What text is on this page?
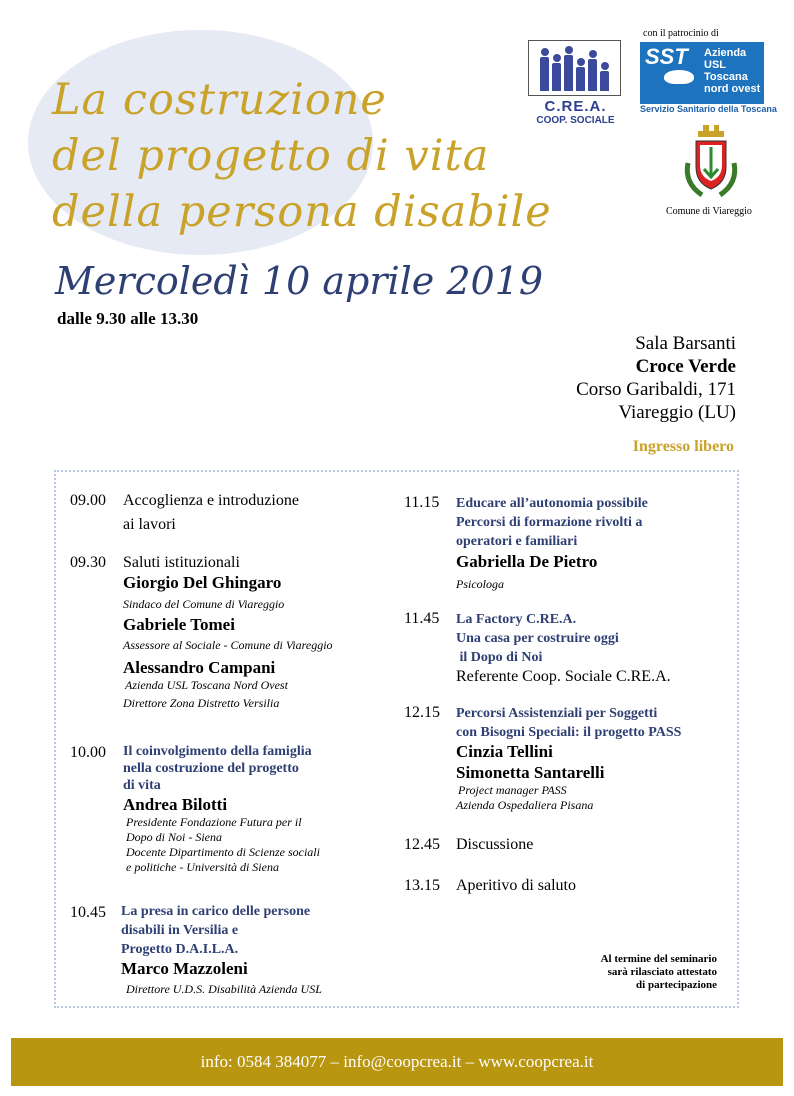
La costruzione
del progetto di vita
della persona disabile
Mercoledì 10 aprile 2019
dalle 9.30 alle 13.30
C.RE.A.
COOP. SOCIALE
con il patrocinio di
SST Azienda
USL
Toscana
nord ovest
Servizio Sanitario della Toscana
Comune di Viareggio
Sala Barsanti
Croce Verde
Corso Garibaldi, 171
Viareggio (LU)
Ingresso libero
09.00 Accoglienza e introduzione
ai lavori
09.30 Saluti istituzionali
Giorgio Del Ghingaro
Sindaco del Comune di Viareggio
Gabriele Tomei
Assessore al Sociale - Comune di Viareggio
Alessandro Campani
Azienda USL Toscana Nord Ovest
Direttore Zona Distretto Versilia
10.00 Il coinvolgimento della famiglia
nella costruzione del progetto
di vita
Andrea Bilotti
Presidente Fondazione Futura per il
Dopo di Noi - Siena
Docente Dipartimento di Scienze sociali
e politiche - Università di Siena
10.45 La presa in carico delle persone
disabili in Versilia e
Progetto D.A.I.L.A.
Marco Mazzoleni
Direttore U.D.S. Disabilità Azienda USL
11.15 Educare all’autonomia possibile
Percorsi di formazione rivolti a
operatori e familiari
Gabriella De Pietro
Psicologa
11.45 La Factory C.RE.A.
Una casa per costruire oggi
il Dopo di Noi
Referente Coop. Sociale C.RE.A.
12.15 Percorsi Assistenziali per Soggetti
con Bisogni Speciali: il progetto PASS
Cinzia Tellini
Simonetta Santarelli
Project manager PASS
Azienda Ospedaliera Pisana
12.45 Discussione
13.15 Aperitivo di saluto
Al termine del seminario
sarà rilasciato attestato
di partecipazione
info: 0584 384077 – info@coopcrea.it – www.coopcrea.it
